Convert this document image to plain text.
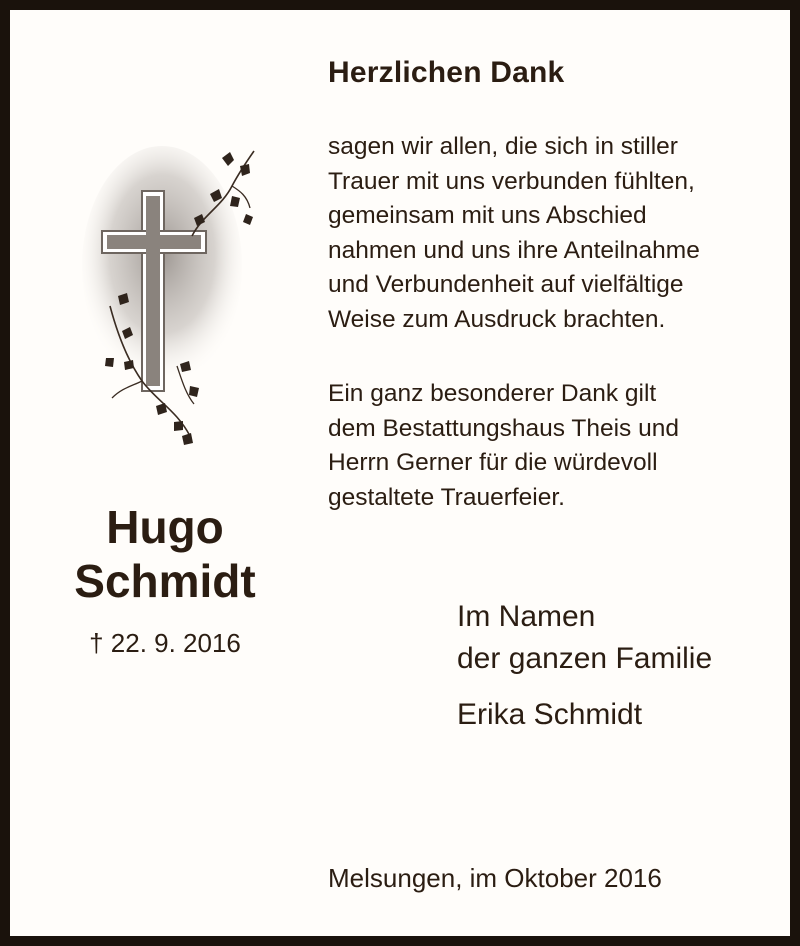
Herzlichen Dank

sagen wir allen, die sich in stiller
Trauer mit uns verbunden fühlten,
gemeinsam mit uns Abschied
nahmen und uns ihre Anteilnahme
und Verbundenheit auf vielfältige
Weise zum Ausdruck brachten.

Ein ganz besonderer Dank gilt
dem Bestattungshaus Theis und
Herrn Gerner für die würdevoll
gestaltete Trauerfeier.

Hugo
Schmidt
† 22. 9. 2016
Im Namen
der ganzen Familie
Erika Schmidt
Melsungen, im Oktober 2016
